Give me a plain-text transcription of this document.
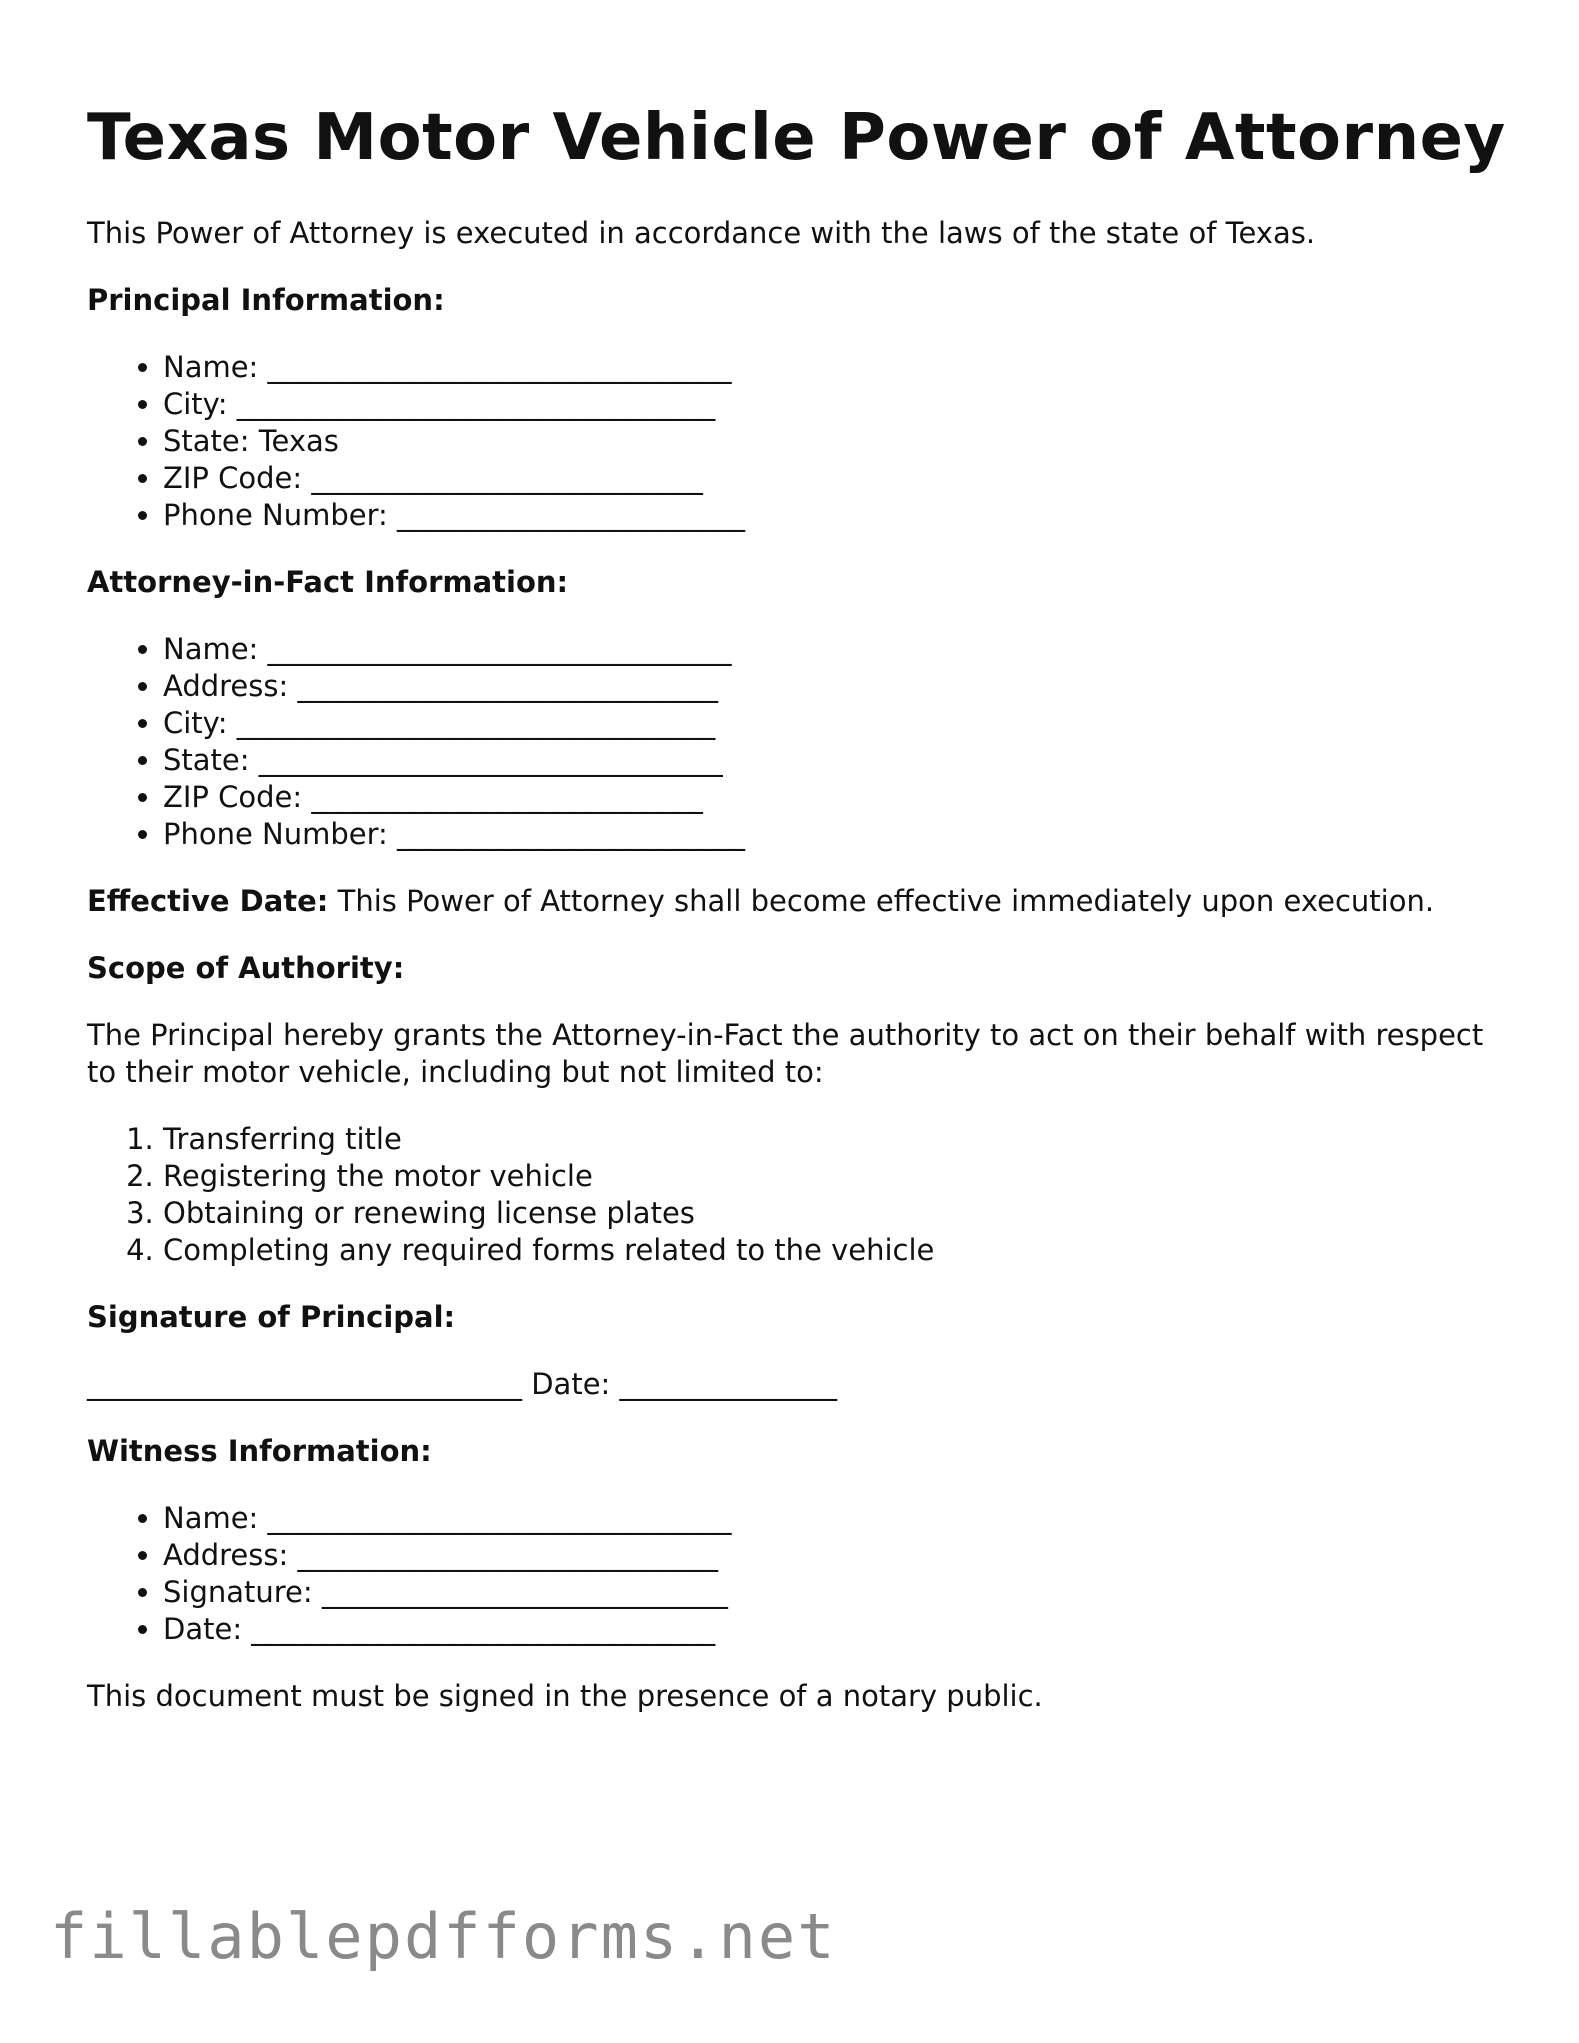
Texas Motor Vehicle Power of Attorney

This Power of Attorney is executed in accordance with the laws of the state of Texas.

Principal Information:

• Name: ________________________________
• City: _________________________________
• State: Texas
• ZIP Code: ___________________________
• Phone Number: ________________________

Attorney-in-Fact Information:

• Name: ________________________________
• Address: _____________________________
• City: _________________________________
• State: ________________________________
• ZIP Code: ___________________________
• Phone Number: ________________________

Effective Date: This Power of Attorney shall become effective immediately upon execution.

Scope of Authority:

The Principal hereby grants the Attorney-in-Fact the authority to act on their behalf with respect to their motor vehicle, including but not limited to:

1. Transferring title
2. Registering the motor vehicle
3. Obtaining or renewing license plates
4. Completing any required forms related to the vehicle

Signature of Principal:

______________________________ Date: _______________

Witness Information:

• Name: ________________________________
• Address: _____________________________
• Signature: ____________________________
• Date: ________________________________

This document must be signed in the presence of a notary public.

fillablepdfforms.net
